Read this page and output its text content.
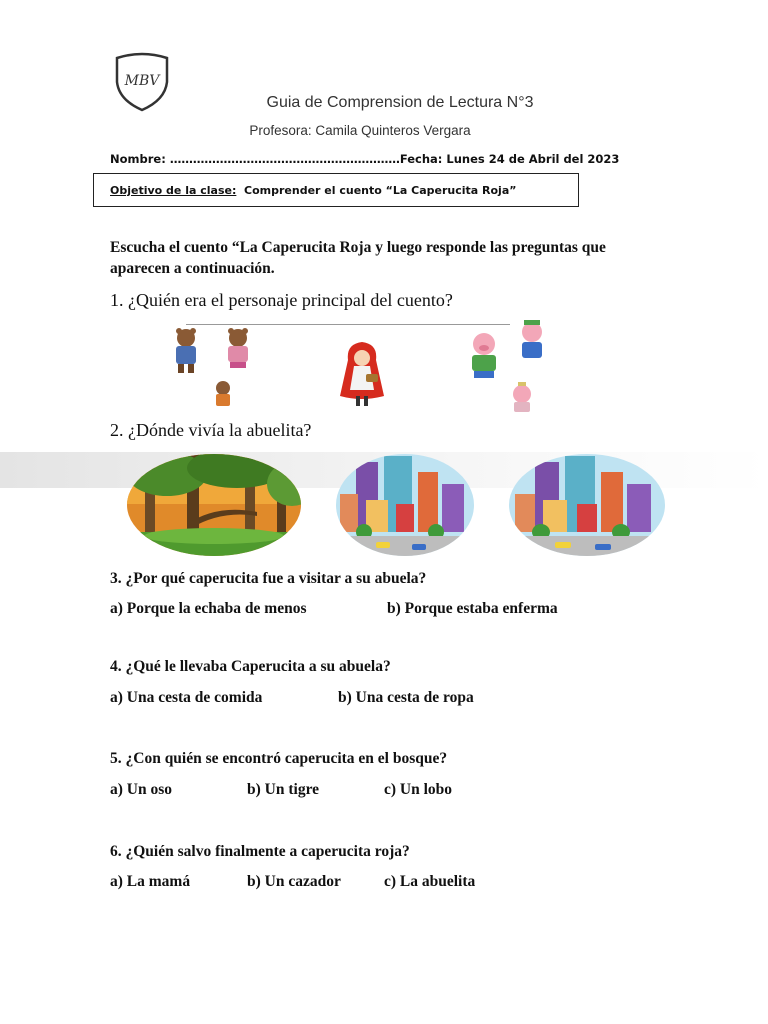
MBV
Guia de Comprension de Lectura N°3
Profesora: Camila Quinteros Vergara
Nombre: ……………………………………………………Fecha: Lunes 24 de Abril del 2023
Objetivo de la clase: Comprender el cuento “La Caperucita Roja”
Escucha el cuento “La Caperucita Roja y luego responde las preguntas que aparecen a continuación.
1. ¿Quién era el personaje principal del cuento?
2. ¿Dónde vivía la abuelita?
3. ¿Por qué caperucita fue a visitar a su abuela?
a) Porque la echaba de menos	b) Porque estaba enferma
4. ¿Qué le llevaba Caperucita a su abuela?
a) Una cesta de comida	b) Una cesta de ropa
5. ¿Con quién se encontró caperucita en el bosque?
a) Un oso	b) Un tigre	c) Un lobo
6. ¿Quién salvo finalmente a caperucita roja?
a) La mamá	b) Un cazador	c) La abuelita
